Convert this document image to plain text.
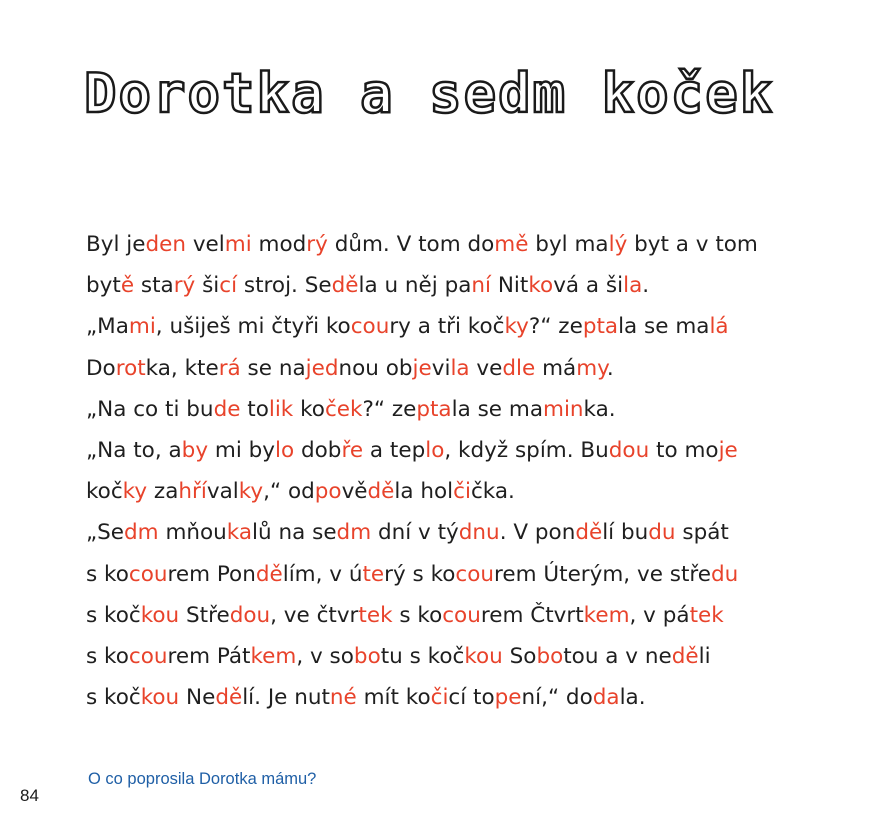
Dorotka a sedm koček
Byl jeden velmi modrý dům. V tom domě byl malý byt a v tom
bytě starý šicí stroj. Seděla u něj paní Nitková a šila.
„Mami, ušiješ mi čtyři kocoury a tři kočky?“ zeptala se malá
Dorotka, která se najednou objevila vedle mámy.
„Na co ti bude tolik koček?“ zeptala se maminka.
„Na to, aby mi bylo dobře a teplo, když spím. Budou to moje
kočky zahřívalky,“ odpověděla holčička.
„Sedm mňoukalů na sedm dní v týdnu. V pondělí budu spát
s kocourem Pondělím, v úterý s kocourem Úterým, ve středu
s kočkou Středou, ve čtvrtek s kocourem Čtvrtkem, v pátek
s kocourem Pátkem, v sobotu s kočkou Sobotou a v neděli
s kočkou Nedělí. Je nutné mít kočicí topení,“ dodala.
O co poprosila Dorotka mámu?
84
